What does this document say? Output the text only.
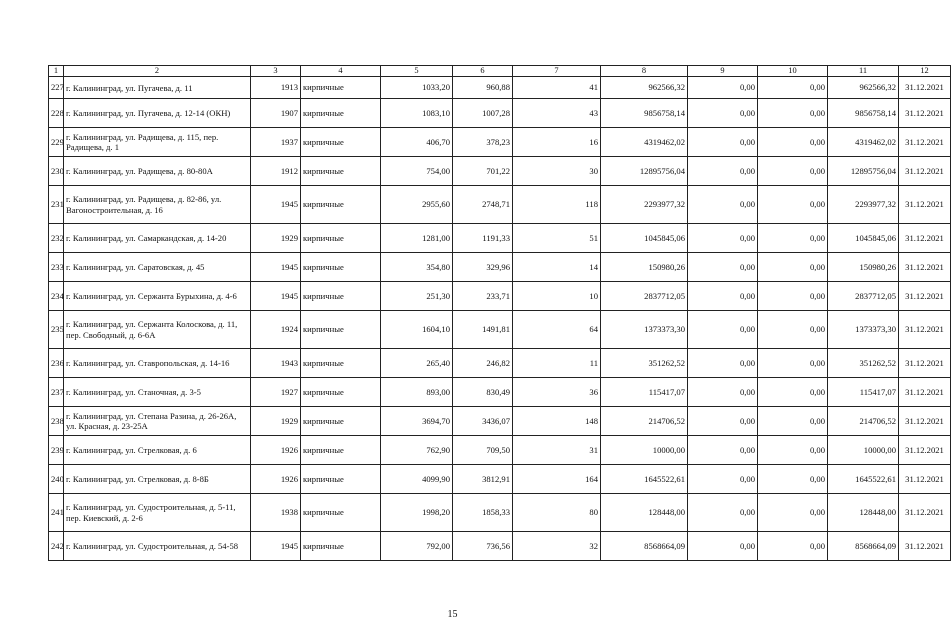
1	2	3	4	5	6	7	8	9	10	11	12
227	г. Калининград, ул. Пугачева, д. 11	1913	кирпичные	1033,20	960,88	41	962566,32	0,00	0,00	962566,32	31.12.2021
228	г. Калининград, ул. Пугачева, д. 12-14 (ОКН)	1907	кирпичные	1083,10	1007,28	43	9856758,14	0,00	0,00	9856758,14	31.12.2021
229	г. Калининград, ул. Радищева, д. 115, пер. Радищева, д. 1	1937	кирпичные	406,70	378,23	16	4319462,02	0,00	0,00	4319462,02	31.12.2021
230	г. Калининград, ул. Радищева, д. 80-80А	1912	кирпичные	754,00	701,22	30	12895756,04	0,00	0,00	12895756,04	31.12.2021
231	г. Калининград, ул. Радищева, д. 82-86, ул. Вагоностроительная, д. 16	1945	кирпичные	2955,60	2748,71	118	2293977,32	0,00	0,00	2293977,32	31.12.2021
232	г. Калининград, ул. Самаркандская, д. 14-20	1929	кирпичные	1281,00	1191,33	51	1045845,06	0,00	0,00	1045845,06	31.12.2021
233	г. Калининград, ул. Саратовская, д. 45	1945	кирпичные	354,80	329,96	14	150980,26	0,00	0,00	150980,26	31.12.2021
234	г. Калининград, ул. Сержанта Бурыхина, д. 4-6	1945	кирпичные	251,30	233,71	10	2837712,05	0,00	0,00	2837712,05	31.12.2021
235	г. Калининград, ул. Сержанта Колоскова, д. 11, пер. Свободный, д. 6-6А	1924	кирпичные	1604,10	1491,81	64	1373373,30	0,00	0,00	1373373,30	31.12.2021
236	г. Калининград, ул. Ставропольская, д. 14-16	1943	кирпичные	265,40	246,82	11	351262,52	0,00	0,00	351262,52	31.12.2021
237	г. Калининград, ул. Станочная, д. 3-5	1927	кирпичные	893,00	830,49	36	115417,07	0,00	0,00	115417,07	31.12.2021
238	г. Калининград, ул. Степана Разина, д. 26-26А, ул. Красная, д. 23-25А	1929	кирпичные	3694,70	3436,07	148	214706,52	0,00	0,00	214706,52	31.12.2021
239	г. Калининград, ул. Стрелковая, д. 6	1926	кирпичные	762,90	709,50	31	10000,00	0,00	0,00	10000,00	31.12.2021
240	г. Калининград, ул. Стрелковая, д. 8-8Б	1926	кирпичные	4099,90	3812,91	164	1645522,61	0,00	0,00	1645522,61	31.12.2021
241	г. Калининград, ул. Судостроительная, д. 5-11, пер. Киевский, д. 2-6	1938	кирпичные	1998,20	1858,33	80	128448,00	0,00	0,00	128448,00	31.12.2021
242	г. Калининград, ул. Судостроительная, д. 54-58	1945	кирпичные	792,00	736,56	32	8568664,09	0,00	0,00	8568664,09	31.12.2021
15
